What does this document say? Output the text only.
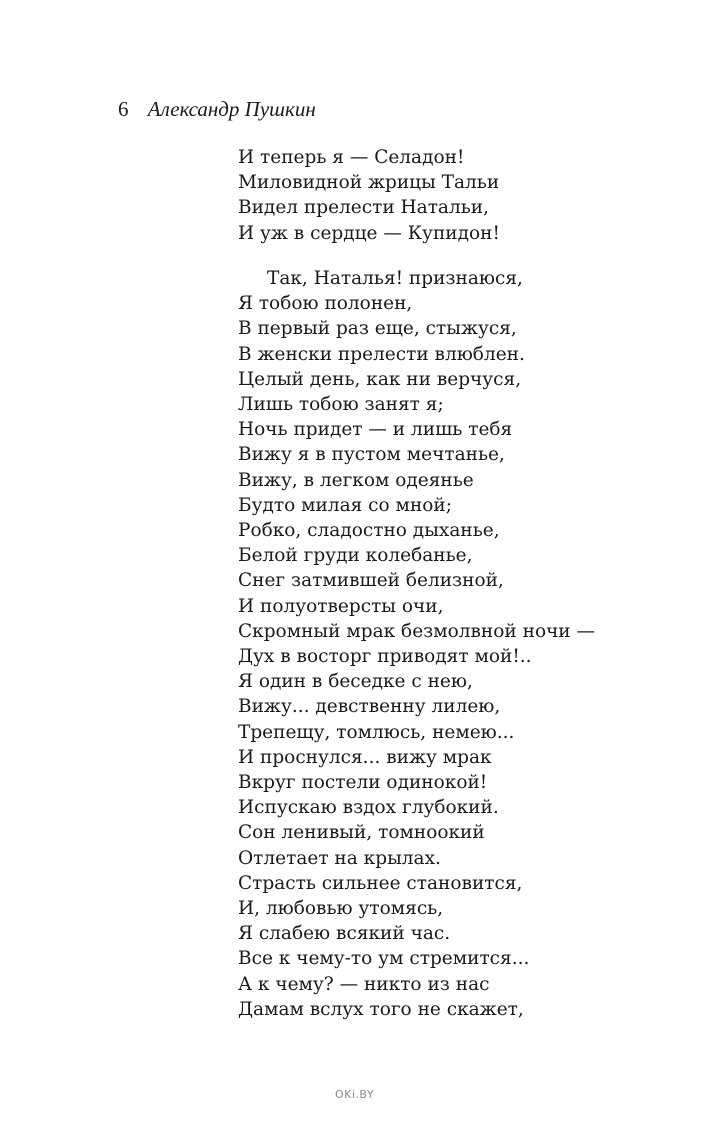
6 Александр Пушкин
И теперь я — Селадон!
Миловидной жрицы Тальи
Видел прелести Натальи,
И уж в сердце — Купидон!
Так, Наталья! признаюся,
Я тобою полонен,
В первый раз еще, стыжуся,
В женски прелести влюблен.
Целый день, как ни верчуся,
Лишь тобою занят я;
Ночь придет — и лишь тебя
Вижу я в пустом мечтанье,
Вижу, в легком одеянье
Будто милая со мной;
Робко, сладостно дыханье,
Белой груди колебанье,
Снег затмившей белизной,
И полуотверсты очи,
Скромный мрак безмолвной ночи —
Дух в восторг приводят мой!..
Я один в беседке с нею,
Вижу... девственну лилею,
Трепещу, томлюсь, немею...
И проснулся... вижу мрак
Вкруг постели одинокой!
Испускаю вздох глубокий.
Сон ленивый, томноокий
Отлетает на крылах.
Страсть сильнее становится,
И, любовью утомясь,
Я слабею всякий час.
Все к чему-то ум стремится...
А к чему? — никто из нас
Дамам вслух того не скажет,
OKi.BY
